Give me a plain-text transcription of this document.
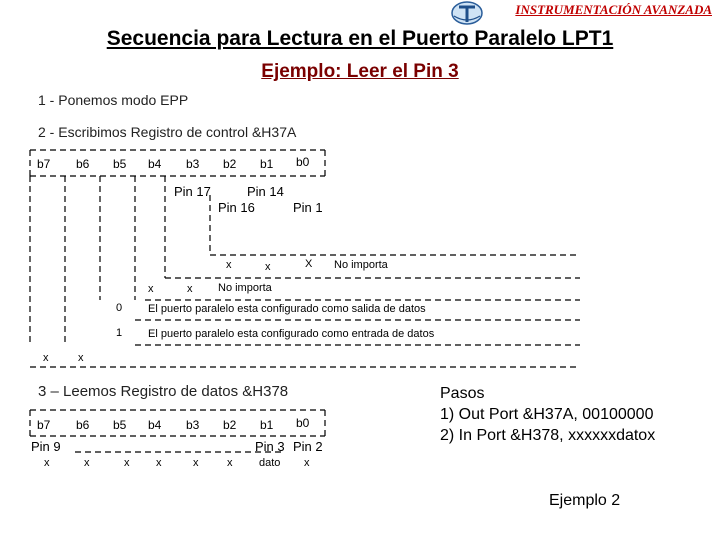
INSTRUMENTACIÓN AVANZADA
Secuencia para Lectura en el Puerto Paralelo LPT1
Ejemplo: Leer el Pin 3
1 - Ponemos modo EPP
2 - Escribimos Registro de control &H37A
b7 b6 b5 b4 b3 b2 b1 b0
Pin 17	Pin 14
Pin 16	Pin 1
x	x	X No importa
x	x No importa
0 El puerto paralelo esta configurado como salida de datos
1 El puerto paralelo esta configurado como entrada de datos
x	x
3 – Leemos Registro de datos &H378
b7 b6 b5 b4 b3 b2 b1 b0
Pin 9	Pin 3 Pin 2
x	x	x x	x	x dato x
Pasos
1) Out Port &H37A, 00100000
2) In Port &H378, xxxxxxdatox
Ejemplo 2
